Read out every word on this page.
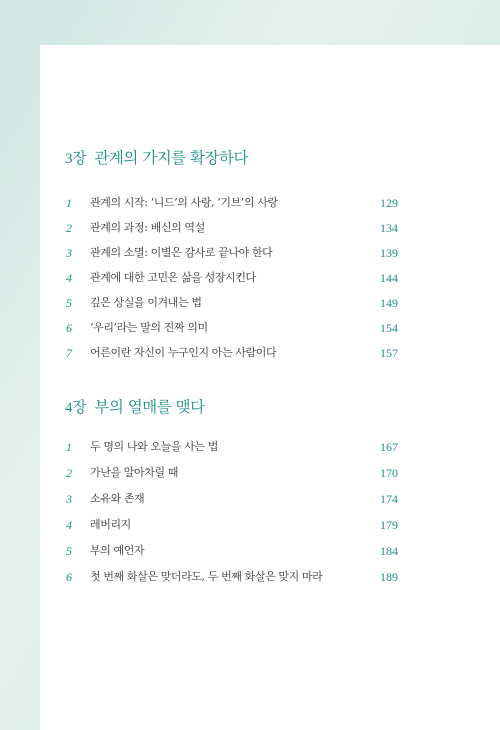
3장 관계의 가지를 확장하다
1 관계의 시작: ‘니드’의 사랑, ‘기브’의 사랑	129
2 관계의 과정: 배신의 역설	134
3 관계의 소멸: 이별은 감사로 끝나야 한다	139
4 관계에 대한 고민은 삶을 성장시킨다	144
5 깊은 상실을 이겨내는 법	149
6 ‘우리’라는 말의 진짜 의미	154
7 어른이란 자신이 누구인지 아는 사람이다	157
4장 부의 열매를 맺다
1 두 명의 나와 오늘을 사는 법	167
2 가난을 알아차릴 때	170
3 소유와 존재	174
4 레버리지	179
5 부의 예언자	184
6 첫 번째 화살은 맞더라도, 두 번째 화살은 맞지 마라	189
